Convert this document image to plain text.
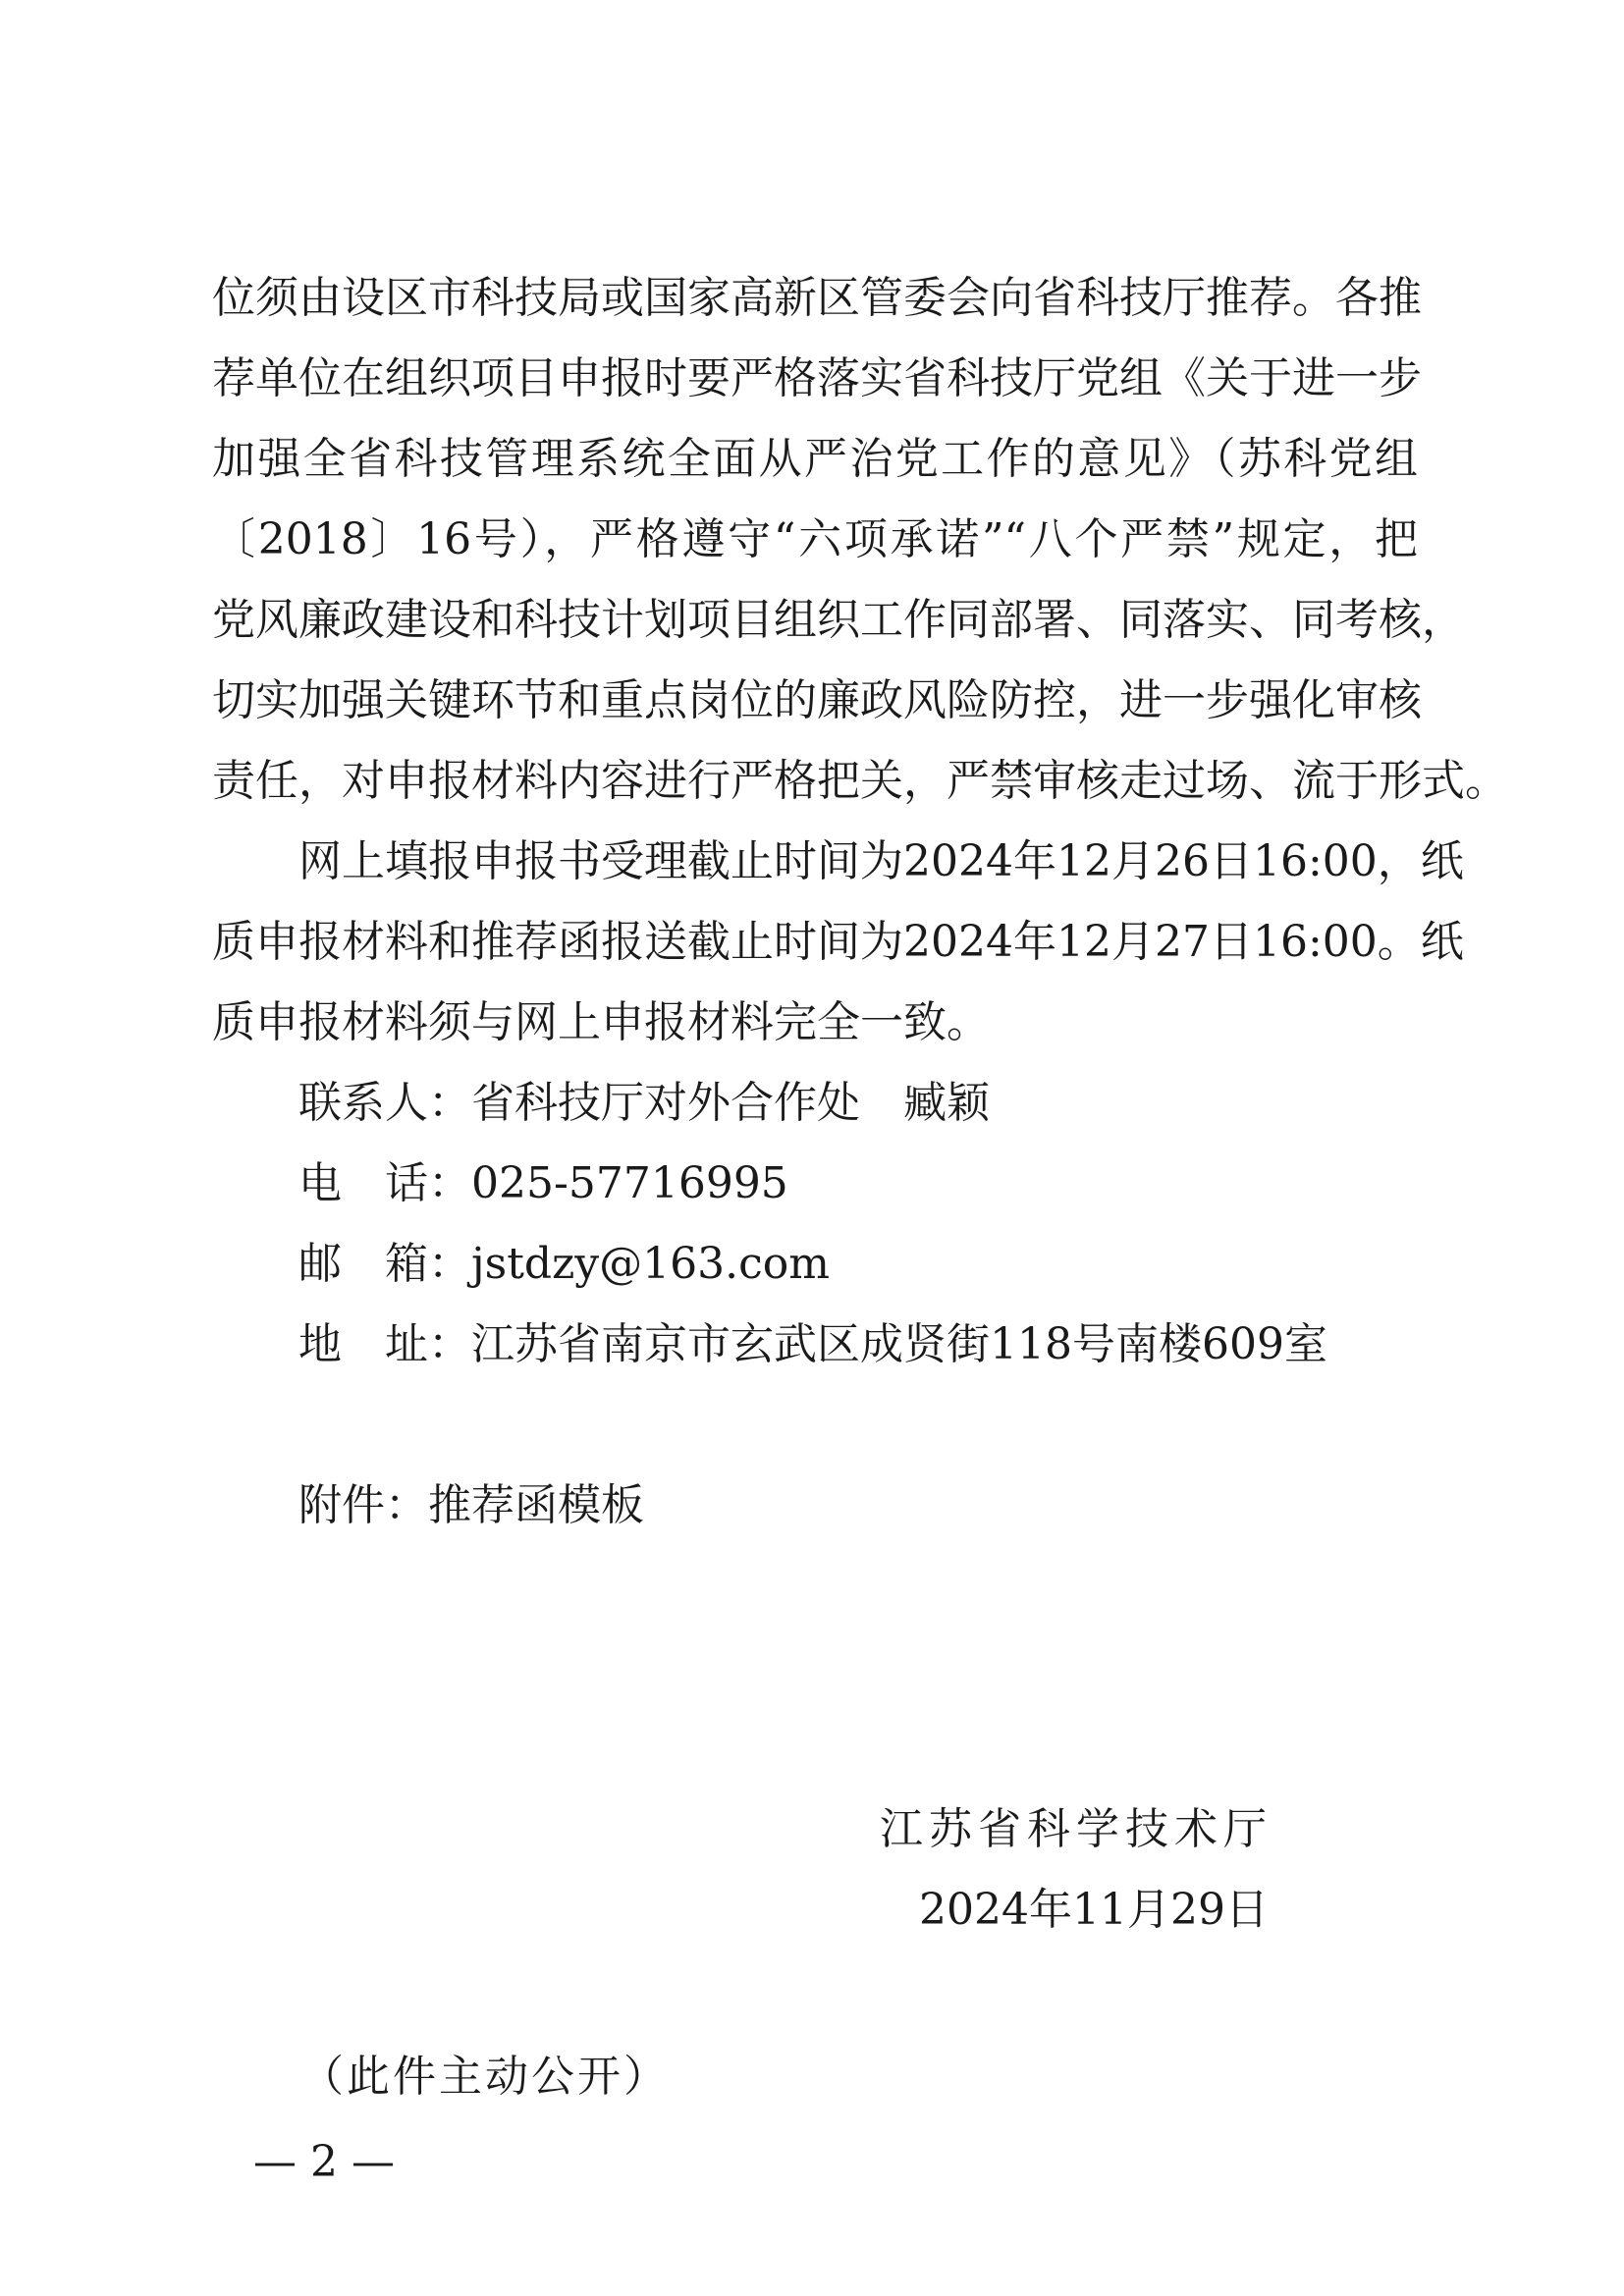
位须由设区市科技局或国家高新区管委会向省科技厅推荐。各推
荐单位在组织项目申报时要严格落实省科技厅党组《关于进一步
加强全省科技管理系统全面从严治党工作的意见》（苏科党组
〔2018〕16号），严格遵守“六项承诺”“八个严禁”规定，把
党风廉政建设和科技计划项目组织工作同部署、同落实、同考核，
切实加强关键环节和重点岗位的廉政风险防控，进一步强化审核
责任，对申报材料内容进行严格把关，严禁审核走过场、流于形式。
网上填报申报书受理截止时间为2024年12月26日16:00，纸
质申报材料和推荐函报送截止时间为2024年12月27日16:00。纸
质申报材料须与网上申报材料完全一致。
联系人：省科技厅对外合作处　臧颖
电　话：025-57716995
邮　箱：jstdzy@163.com
地　址：江苏省南京市玄武区成贤街118号南楼609室
附件：推荐函模板
江苏省科学技术厅
2024年11月29日
（此件主动公开）
— 2 —
